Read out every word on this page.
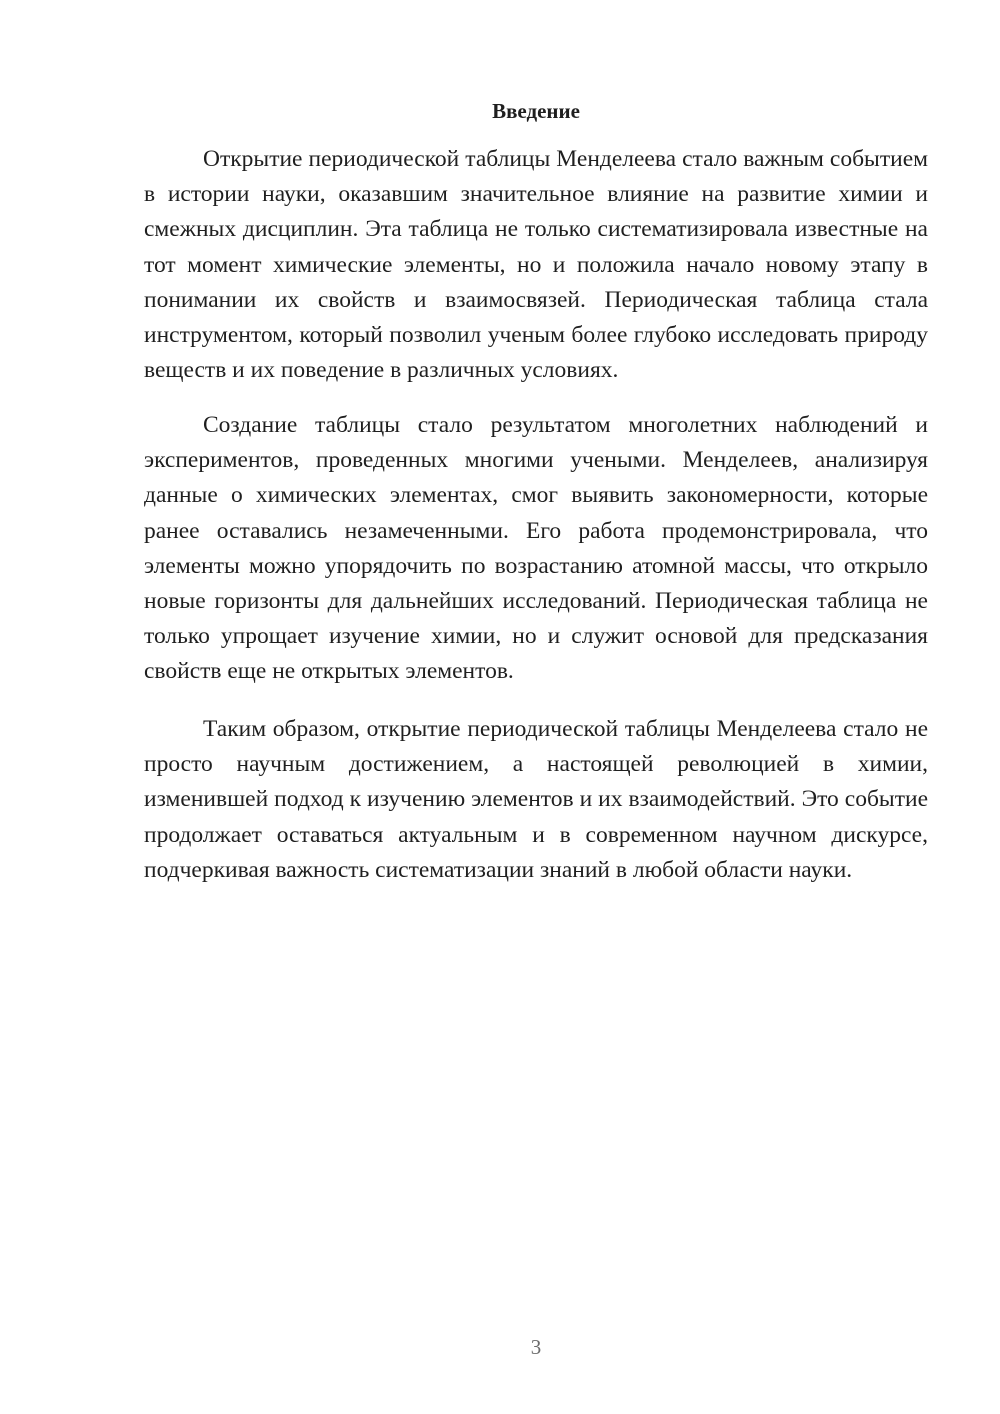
Введение

Открытие периодической таблицы Менделеева стало важным событием в истории науки, оказавшим значительное влияние на развитие химии и смежных дисциплин. Эта таблица не только систематизировала известные на тот момент химические элементы, но и положила начало новому этапу в понимании их свойств и взаимосвязей. Периодическая таблица стала инструментом, который позволил ученым более глубоко исследовать природу веществ и их поведение в различных условиях.

Создание таблицы стало результатом многолетних наблюдений и экспериментов, проведенных многими учеными. Менделеев, анализируя данные о химических элементах, смог выявить закономерности, которые ранее оставались незамеченными. Его работа продемонстрировала, что элементы можно упорядочить по возрастанию атомной массы, что открыло новые горизонты для дальнейших исследований. Периодическая таблица не только упрощает изучение химии, но и служит основой для предсказания свойств еще не открытых элементов.

Таким образом, открытие периодической таблицы Менделеева стало не просто научным достижением, а настоящей революцией в химии, изменившей подход к изучению элементов и их взаимодействий. Это событие продолжает оставаться актуальным и в современном научном дискурсе, подчеркивая важность систематизации знаний в любой области науки.

3
